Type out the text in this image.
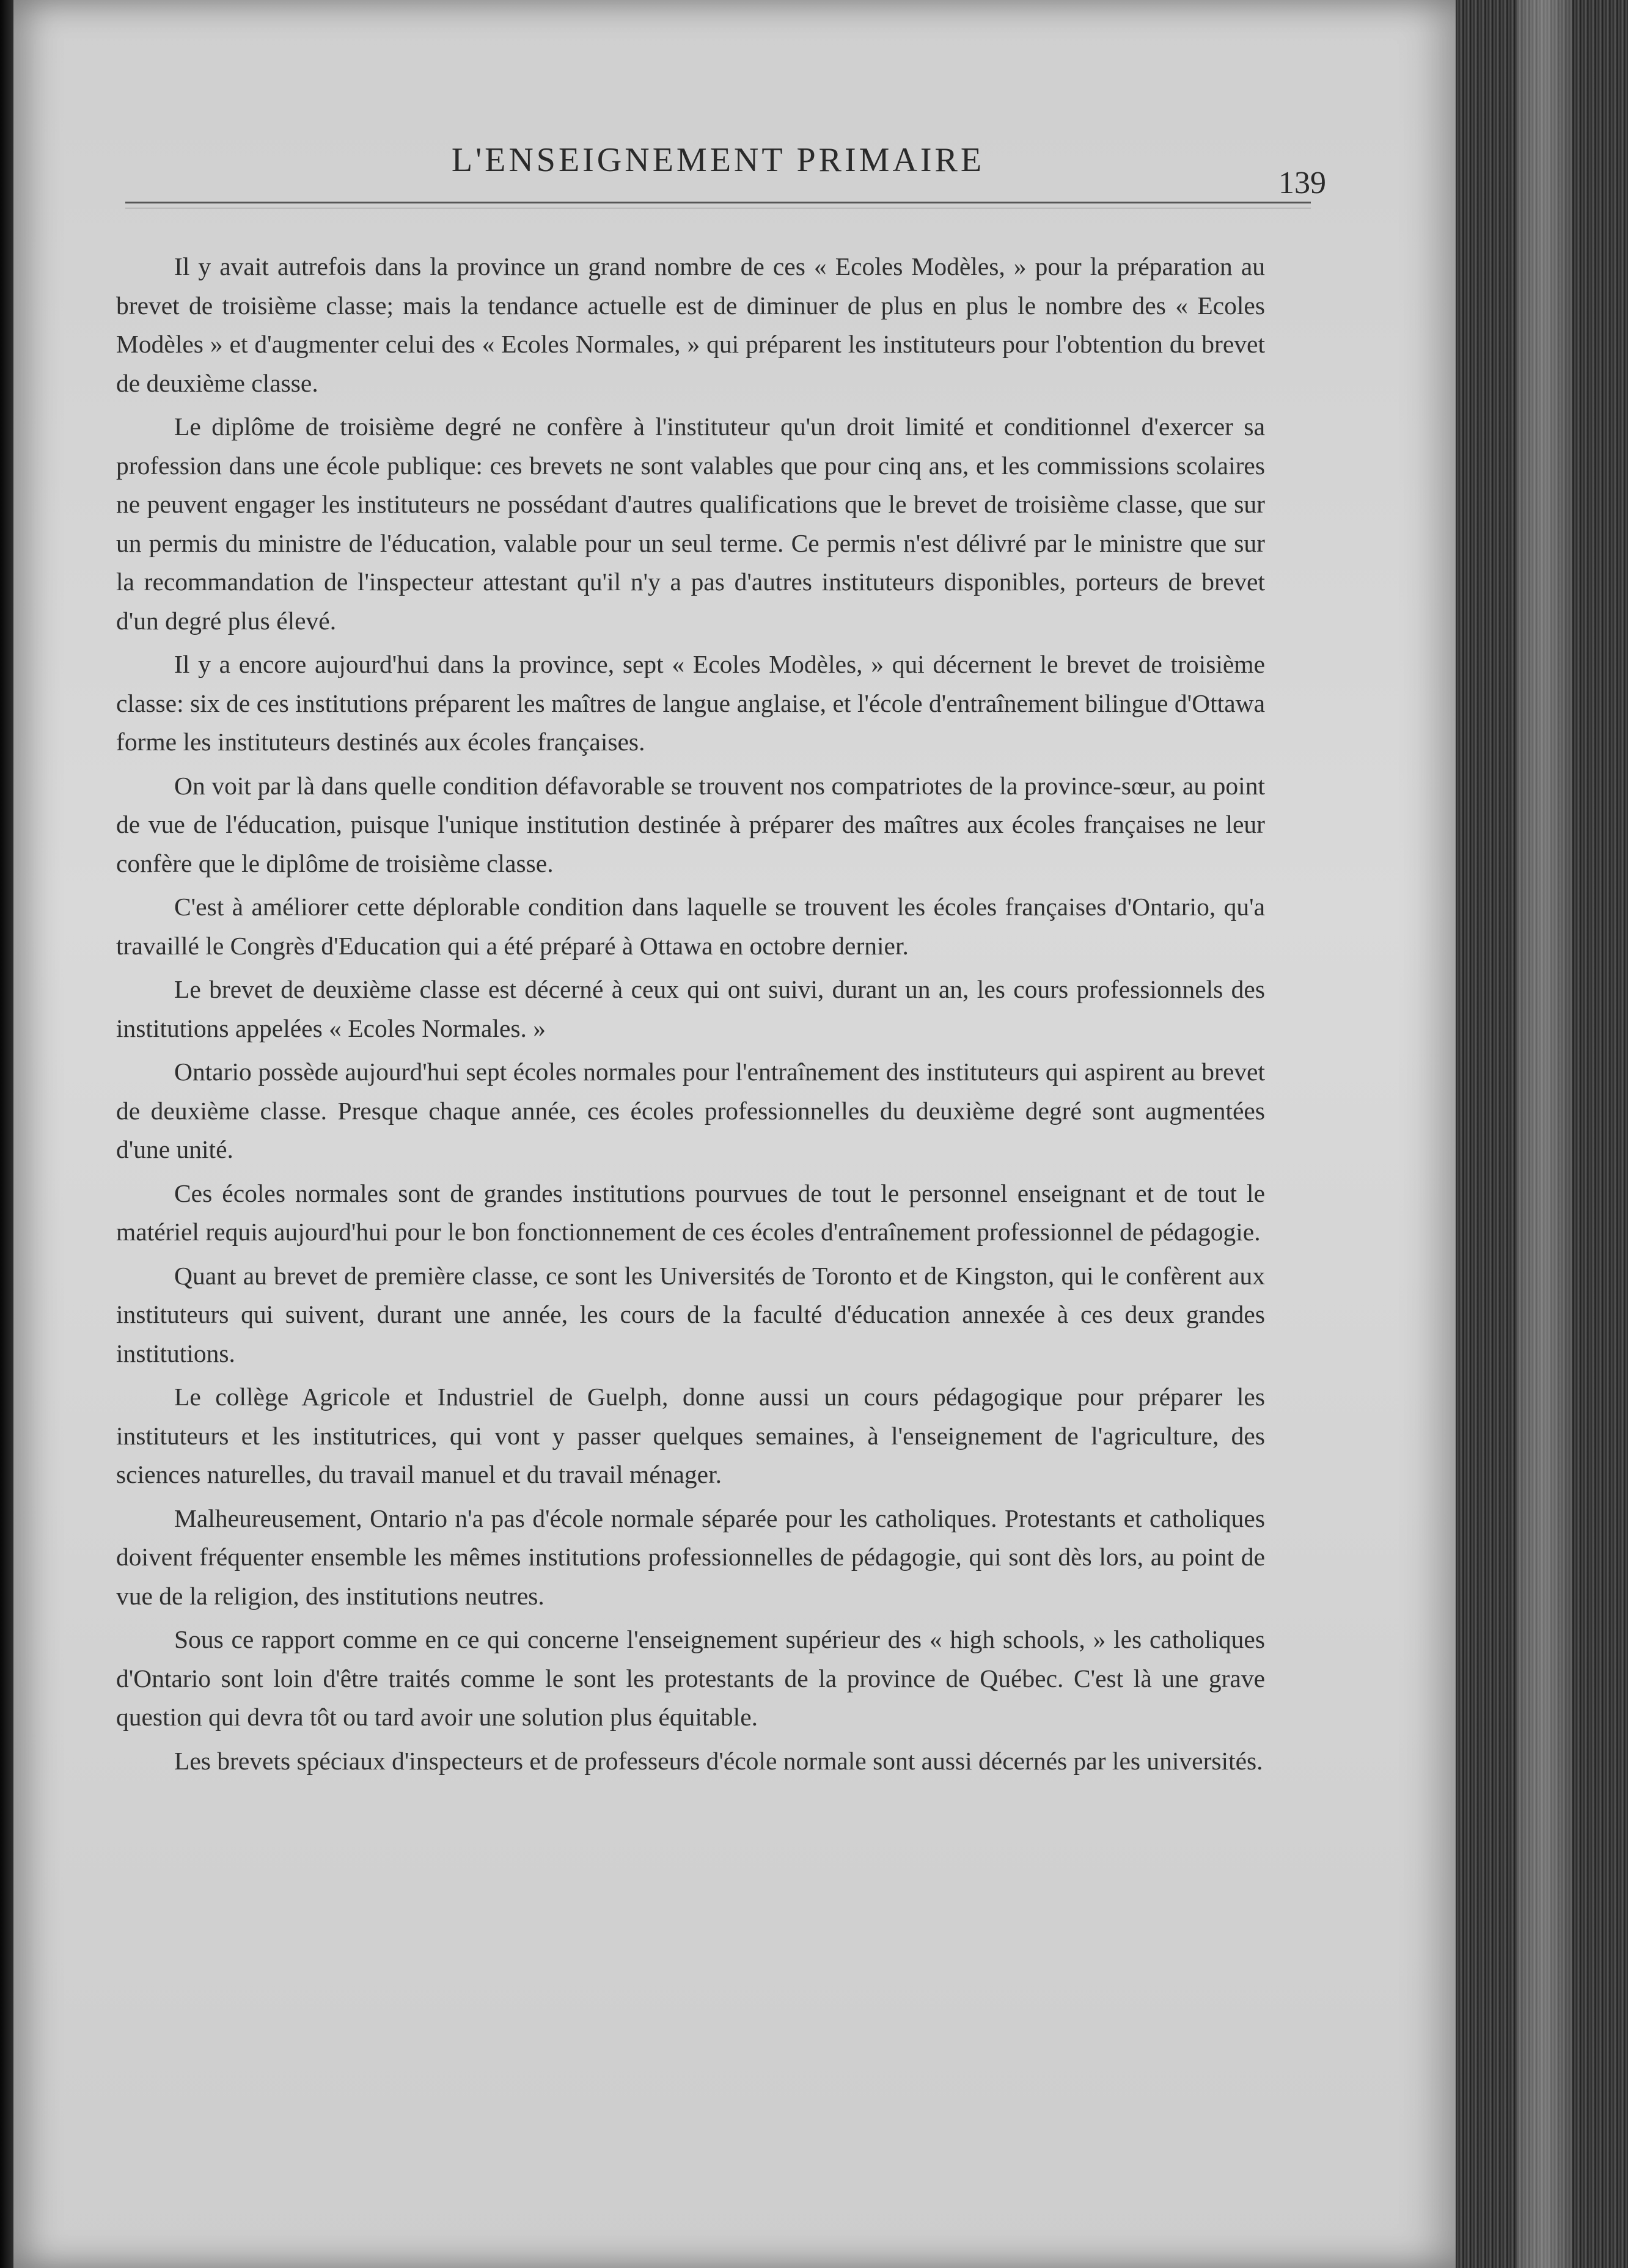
L'ENSEIGNEMENT PRIMAIRE
139

Il y avait autrefois dans la province un grand nombre de ces « Ecoles Modèles, » pour la préparation au brevet de troisième classe; mais la tendance actuelle est de diminuer de plus en plus le nombre des « Ecoles Modèles » et d'augmenter celui des « Ecoles Normales, » qui préparent les instituteurs pour l'obtention du brevet de deuxième classe.

Le diplôme de troisième degré ne confère à l'instituteur qu'un droit limité et conditionnel d'exercer sa profession dans une école publique: ces brevets ne sont valables que pour cinq ans, et les commissions scolaires ne peuvent engager les instituteurs ne possédant d'autres qualifications que le brevet de troisième classe, que sur un permis du ministre de l'éducation, valable pour un seul terme. Ce permis n'est délivré par le ministre que sur la recommandation de l'inspecteur attestant qu'il n'y a pas d'autres instituteurs disponibles, porteurs de brevet d'un degré plus élevé.

Il y a encore aujourd'hui dans la province, sept « Ecoles Modèles, » qui décernent le brevet de troisième classe: six de ces institutions préparent les maîtres de langue anglaise, et l'école d'entraînement bilingue d'Ottawa forme les instituteurs destinés aux écoles françaises.

On voit par là dans quelle condition défavorable se trouvent nos compatriotes de la province-sœur, au point de vue de l'éducation, puisque l'unique institution destinée à préparer des maîtres aux écoles françaises ne leur confère que le diplôme de troisième classe.

C'est à améliorer cette déplorable condition dans laquelle se trouvent les écoles françaises d'Ontario, qu'a travaillé le Congrès d'Education qui a été préparé à Ottawa en octobre dernier.

Le brevet de deuxième classe est décerné à ceux qui ont suivi, durant un an, les cours professionnels des institutions appelées « Ecoles Normales. »

Ontario possède aujourd'hui sept écoles normales pour l'entraînement des instituteurs qui aspirent au brevet de deuxième classe. Presque chaque année, ces écoles professionnelles du deuxième degré sont augmentées d'une unité.

Ces écoles normales sont de grandes institutions pourvues de tout le personnel enseignant et de tout le matériel requis aujourd'hui pour le bon fonctionnement de ces écoles d'entraînement professionnel de pédagogie.

Quant au brevet de première classe, ce sont les Universités de Toronto et de Kingston, qui le confèrent aux instituteurs qui suivent, durant une année, les cours de la faculté d'éducation annexée à ces deux grandes institutions.

Le collège Agricole et Industriel de Guelph, donne aussi un cours pédagogique pour préparer les instituteurs et les institutrices, qui vont y passer quelques semaines, à l'enseignement de l'agriculture, des sciences naturelles, du travail manuel et du travail ménager.

Malheureusement, Ontario n'a pas d'école normale séparée pour les catholiques. Protestants et catholiques doivent fréquenter ensemble les mêmes institutions professionnelles de pédagogie, qui sont dès lors, au point de vue de la religion, des institutions neutres.

Sous ce rapport comme en ce qui concerne l'enseignement supérieur des « high schools, » les catholiques d'Ontario sont loin d'être traités comme le sont les protestants de la province de Québec. C'est là une grave question qui devra tôt ou tard avoir une solution plus équitable.

Les brevets spéciaux d'inspecteurs et de professeurs d'école normale sont aussi décernés par les universités.
